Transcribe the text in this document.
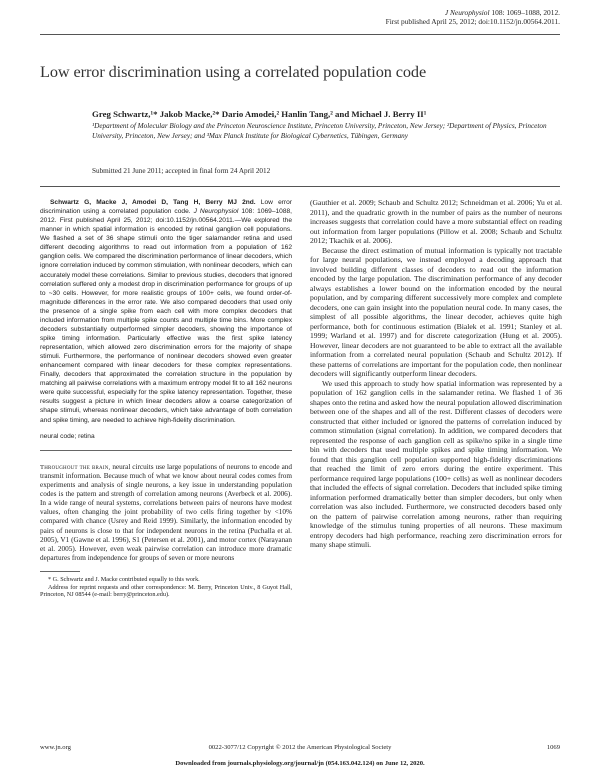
J Neurophysiol 108: 1069–1088, 2012.
First published April 25, 2012; doi:10.1152/jn.00564.2011.
Low error discrimination using a correlated population code
Greg Schwartz,¹* Jakob Macke,²* Dario Amodei,² Hanlin Tang,² and Michael J. Berry II¹
¹Department of Molecular Biology and the Princeton Neuroscience Institute, Princeton University, Princeton, New Jersey; ²Department of Physics, Princeton University, Princeton, New Jersey; and ³Max Planck Institute for Biological Cybernetics, Tübingen, Germany
Submitted 21 June 2011; accepted in final form 24 April 2012

Schwartz G, Macke J, Amodei D, Tang H, Berry MJ 2nd. Low error discrimination using a correlated population code. J Neurophysiol 108: 1069–1088, 2012. First published April 25, 2012; doi:10.1152/jn.00564.2011.—We explored the manner in which spatial information is encoded by retinal ganglion cell populations. We flashed a set of 36 shape stimuli onto the tiger salamander retina and used different decoding algorithms to read out information from a population of 162 ganglion cells. We compared the discrimination performance of linear decoders, which ignore correlation induced by common stimulation, with nonlinear decoders, which can accurately model these correlations. Similar to previous studies, decoders that ignored correlation suffered only a modest drop in discrimination performance for groups of up to ~30 cells. However, for more realistic groups of 100+ cells, we found order-of-magnitude differences in the error rate. We also compared decoders that used only the presence of a single spike from each cell with more complex decoders that included information from multiple spike counts and multiple time bins. More complex decoders substantially outperformed simpler decoders, showing the importance of spike timing information. Particularly effective was the first spike latency representation, which allowed zero discrimination errors for the majority of shape stimuli. Furthermore, the performance of nonlinear decoders showed even greater enhancement compared with linear decoders for these complex representations. Finally, decoders that approximated the correlation structure in the population by matching all pairwise correlations with a maximum entropy model fit to all 162 neurons were quite successful, especially for the spike latency representation. Together, these results suggest a picture in which linear decoders allow a coarse categorization of shape stimuli, whereas nonlinear decoders, which take advantage of both correlation and spike timing, are needed to achieve high-fidelity discrimination.

neural code; retina

Throughout the brain, neural circuits use large populations of neurons to encode and transmit information. Because much of what we know about neural codes comes from experiments and analysis of single neurons, a key issue in understanding population codes is the pattern and strength of correlation among neurons (Averbeck et al. 2006). In a wide range of neural systems, correlations between pairs of neurons have modest values, often changing the joint probability of two cells firing together by <10% compared with chance (Usrey and Reid 1999). Similarly, the information encoded by pairs of neurons is close to that for independent neurons in the retina (Puchalla et al. 2005), V1 (Gawne et al. 1996), S1 (Petersen et al. 2001), and motor cortex (Narayanan et al. 2005). However, even weak pairwise correlation can introduce more dramatic departures from independence for groups of seven or more neurons

* G. Schwartz and J. Macke contributed equally to this work.

Address for reprint requests and other correspondence: M. Berry, Princeton Univ., 8 Guyot Hall, Princeton, NJ 08544 (e-mail: berry@princeton.edu).

(Gauthier et al. 2009; Schaub and Schultz 2012; Schneidman et al. 2006; Yu et al. 2011), and the quadratic growth in the number of pairs as the number of neurons increases suggests that correlation could have a more substantial effect on reading out information from larger populations (Pillow et al. 2008; Schaub and Schultz 2012; Tkachik et al. 2006).

Because the direct estimation of mutual information is typically not tractable for large neural populations, we instead employed a decoding approach that involved building different classes of decoders to read out the information encoded by the large population. The discrimination performance of any decoder always establishes a lower bound on the information encoded by the neural population, and by comparing different successively more complex and complete decoders, one can gain insight into the population neural code. In many cases, the simplest of all possible algorithms, the linear decoder, achieves quite high performance, both for continuous estimation (Bialek et al. 1991; Stanley et al. 1999; Warland et al. 1997) and for discrete categorization (Hung et al. 2005). However, linear decoders are not guaranteed to be able to extract all the available information from a correlated neural population (Schaub and Schultz 2012). If these patterns of correlations are important for the population code, then nonlinear decoders will significantly outperform linear decoders.

We used this approach to study how spatial information was represented by a population of 162 ganglion cells in the salamander retina. We flashed 1 of 36 shapes onto the retina and asked how the neural population allowed discrimination between one of the shapes and all of the rest. Different classes of decoders were constructed that either included or ignored the patterns of correlation induced by common stimulation (signal correlation). In addition, we compared decoders that represented the response of each ganglion cell as spike/no spike in a single time bin with decoders that used multiple spikes and spike timing information. We found that this ganglion cell population supported high-fidelity discriminations that reached the limit of zero errors during the entire experiment. This performance required large populations (100+ cells) as well as nonlinear decoders that included the effects of signal correlation. Decoders that included spike timing information performed dramatically better than simpler decoders, but only when correlation was also included. Furthermore, we constructed decoders based only on the pattern of pairwise correlation among neurons, rather than requiring knowledge of the stimulus tuning properties of all neurons. These maximum entropy decoders had high performance, reaching zero discrimination errors for many shape stimuli.

www.jn.org	0022-3077/12 Copyright © 2012 the American Physiological Society	1069
Downloaded from journals.physiology.org/journal/jn (054.163.042.124) on June 12, 2020.
